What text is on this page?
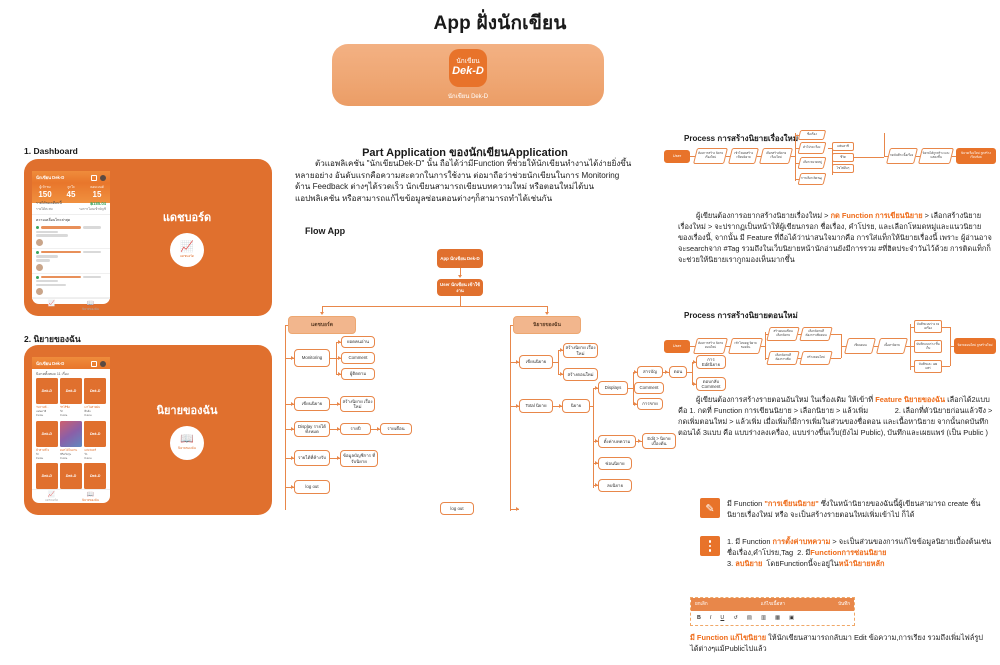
App ฝั่งนักเขียน
นักเขียน
Dek-D
นักเขียน Dek-D
1. Dashboard
นักเขียน Dek-D
ผู้เข้าชม
150
ถูกใจ
45
คอมเมนต์
15
รายได้ของเดือนนี้	฿185.04
รายได้สะสม	รอการโอนเข้าบัญชี
ความเคลื่อนไหวล่าสุด
📈
แดชบอร์ด
📖
นิยายของฉัน
แดชบอร์ด
📈
แดชบอร์ด
2. นิยายของฉัน
นักเขียน Dek-D
นิยายทั้งหมด 11 เรื่อง
Dek-D
วันวานที่...
แฟนตาซี
0 ตอน
Dek-D
รักไร้ชื่อ
รัก
0 ตอน
Dek-D
เงาในสายฝน
ลึกลับ
0 ตอน
Dek-D
ฟ้าสางที่ใจ
รัก
0 ตอน
ดอกไม้ในม่าน
ชีวิตวัยรุ่น
0 ตอน
Dek-D
แสงจันทร์
รัก
0 ตอน
Dek-D	Dek-D	Dek-D
📈
แดชบอร์ด
📖
นิยายของฉัน
นิยายของฉัน
📖
นิยายของฉัน
Part Application ของนักเขียนApplication
ตัวแอพลิเคชัน "นักเขียนDek-D" นั้น ถือได้ว่ามีFunction ที่ช่วยให้นักเขียนทำงานได้ง่ายยิ่งขึ้นหลายอย่าง อันดับแรกคือความสะดวกในการใช้งาน ต่อมาถือว่าช่วยนักเขียนในการ Monitoring ด้าน Feedback ต่างๆได้รวดเร็ว นักเขียนสามารถเขียนบทความใหม่ หรือตอนใหม่ได้บนแอปพลิเคชัน หรือสามารถแก้ไขข้อมูลซ่อนตอนต่างๆก็สามารถทำได้เช่นกัน
Flow App
App นักเขียน Dek-D
User นักเขียน เข้าใช้งาน
แดชบอร์ด	นิยายของฉัน
Monitoring
ยอดคนอ่าน
Comment
ผู้ติดตาม
เขียนนิยาย
สร้างนิยาย เรื่องใหม่
Display รายได้ทั้งหมด
รายปี	รายเดือน
รายได้ที่ค้างรับ	ข้อมูลบัญชีการ ที่รับนิยาย
log out
เขียนนิยาย
สร้างนิยาย เรื่องใหม่
สร้างตอนใหม่
Total นิยาย	นิยาย
Displays
สารบัญ
Comment
การขาย
ตอน
การ Editนิยาย
ตอบกลับ Comment
ตั้งค่าบทความ
Edit > นิยาย เบื้องต้น
ซ่อนนิยาย
ลบนิยาย
log out
Process การสร้างนิยายเรื่องใหม่
User	ต้องการสร้าง นิยายเรื่องใหม่
เข้าโหมดสร้าง เขียนนิยาย
เลือกสร้างนิยาย เรื่องใหม่
ชื่อเรื่อง
คำโปรย เรื่อง
เลือก หมวดหมู่
การเลือก ติดTag
แฟนตาซี
ชีวิต
ไซไฟอื่นๆ
กดบันทึก เนื้อเรื่อง	นิยายได้ถูกสร้าง และแสดงขึ้น
นิยายเรื่องใหม่ ถูกสร้างเรียบร้อย
ผู้เขียนต้องการอยากสร้างนิยายเรื่องใหม่ > กด Function การเขียนนิยาย > เลือกสร้างนิยายเรื่องใหม่ > จะปรากฏเป็นหน้าให้ผู้เขียนกรอก ชื่อเรื่อง, คำโปรย, และเลือกโหมดหมู่และแนวนิยายของเรื่องนี้, จากนั้น มี Feature ที่ถือได้ว่าน่าสนใจมากคือ การใส่แท็กให้นิยายเรื่องนี้ เพราะ ผู้อ่านอาจจะsearchจาก #Tag รวมถึงในเว็บนิยายหน้านักอ่านยังมีการรวม #ที่ฮิตประจำวันไว้ด้วย การติดแท็กก็จะช่วยให้นิยายเรากูกมองเห็นมากขึ้น
Process การสร้างนิยายตอนใหม่
User	ต้องการสร้าง นิยายตอนใหม่
เข้าโหมดดู นิยายของฉัน
สร้างตอนเขียน เลือกนิยาย
เลือกนิยายที่ ต้องการเพิ่มตอน
เลือกนิยายที่ ต้องการเพิ่ม	สร้างตอนใหม่
เขียนตอน	เนื้อหานิยาย
บันทึกแบบร่าง ลงเครื่อง
บันทึกแบบร่าง ขึ้นเว็บ
บันทึกและ เผยแพร่
นิยายตอนใหม่ ถูกสร้างใหม่
ผู้เขียนต้องการสร้างรายตอนอันใหม่ ในเรื่องเดิม ให้เข้าที่ Feature นิยายของฉัน เลือกได้2แบบ คือ 1. กดที่ Function การเขียนนิยาย > เลือกนิยาย > แล้วเพิ่ม             2. เลือกที่ตัวนิยายก่อนแล้วจึง > กดเพิ่มตอนใหม่ > แล้วเพิ่ม เมื่อเพิ่มก็มีการเพิ่มในส่วนของชื่อตอน และเนื้อหานิยาย จากนั้นกดบันทึกตอนได้ 3แบบ คือ แบบร่างลงเครื่อง, แบบร่างขึ้นเว็บ(ยังไม่ Public), บันทึกและเผยแพร่ (เป็น Public )
✎	มี Function "การเขียนนิยาย" ซึ่งในหน้านิยายของฉันนี้ผู้เขียนสามารถ create ชิ้นนิยายเรื่องใหม่ หรือ จะเป็นสร้างรายตอนใหม่เพิ่มเข้าไป ก็ได้
1. มี Function การตั้งค่าบทความ > จะเป็นส่วนของการแก้ไขข้อมูลนิยายเบื้องต้นเช่น ชื่อเรื่อง,คำโปรย,Tag  2. มีFunctionการซ่อนนิยาย
3. ลบนิยาย  โดยFunctionนี้จะอยู่ในหน้านิยายหลัก
ยกเลิก	แก้ไขเนื้อหา	บันทึก
B I U ↺ ▤ ▥ ▦ ▣
มี Function แก้ไขนิยาย ให้นักเขียนสามารถกลับมา Edit ข้อความ,การเรียง รวมถึงเพิ่มไฟล์รูปได้ต่างๆแม้Publicไปแล้ว
